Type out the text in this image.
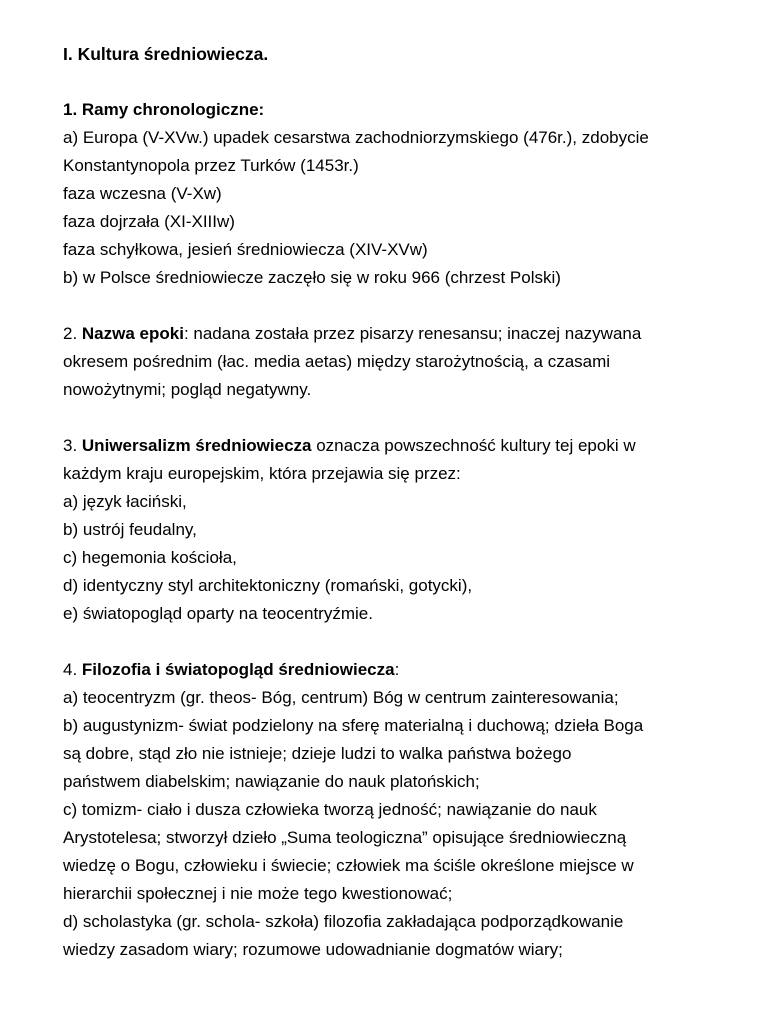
I. Kultura średniowiecza.
1. Ramy chronologiczne:
a) Europa (V-XVw.) upadek cesarstwa zachodniorzymskiego (476r.), zdobycie
Konstantynopola przez Turków (1453r.)
faza wczesna (V-Xw)
faza dojrzała (XI-XIIIw)
faza schyłkowa, jesień średniowiecza (XIV-XVw)
b) w Polsce średniowiecze zaczęło się w roku 966 (chrzest Polski)
2. Nazwa epoki: nadana została przez pisarzy renesansu; inaczej nazywana
okresem pośrednim (łac. media aetas) między starożytnością, a czasami
nowożytnymi; pogląd negatywny.
3. Uniwersalizm średniowiecza oznacza powszechność kultury tej epoki w
każdym kraju europejskim, która przejawia się przez:
a) język łaciński,
b) ustrój feudalny,
c) hegemonia kościoła,
d) identyczny styl architektoniczny (romański, gotycki),
e) światopogląd oparty na teocentryźmie.
4. Filozofia i światopogląd średniowiecza:
a) teocentryzm (gr. theos- Bóg, centrum) Bóg w centrum zainteresowania;
b) augustynizm- świat podzielony na sferę materialną i duchową; dzieła Boga
są dobre, stąd zło nie istnieje; dzieje ludzi to walka państwa bożego
państwem diabelskim; nawiązanie do nauk platońskich;
c) tomizm- ciało i dusza człowieka tworzą jedność; nawiązanie do nauk
Arystotelesa; stworzył dzieło „Suma teologiczna” opisujące średniowieczną
wiedzę o Bogu, człowieku i świecie; człowiek ma ściśle określone miejsce w
hierarchii społecznej i nie może tego kwestionować;
d) scholastyka (gr. schola- szkoła) filozofia zakładająca podporządkowanie
wiedzy zasadom wiary; rozumowe udowadnianie dogmatów wiary;
